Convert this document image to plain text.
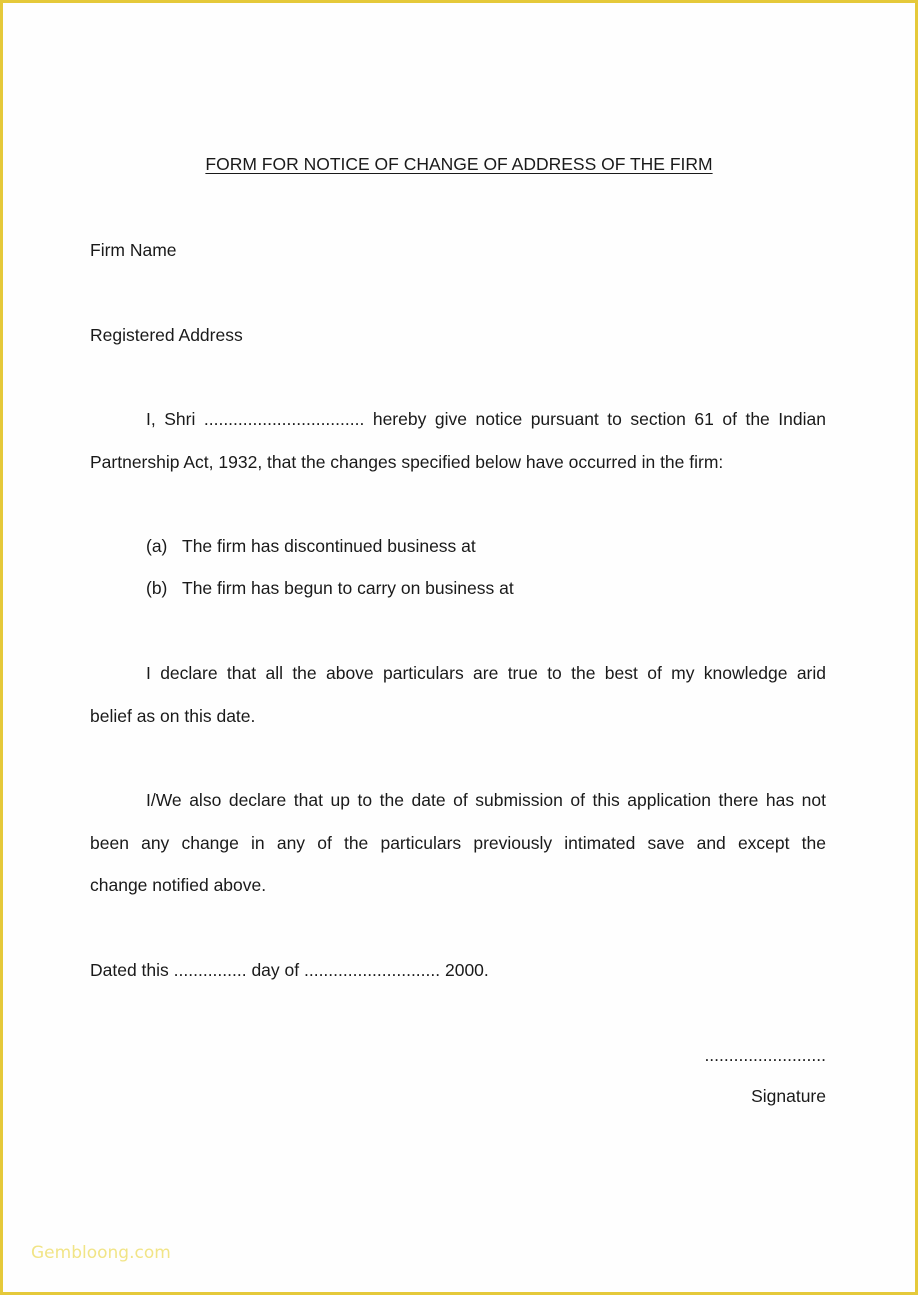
FORM FOR NOTICE OF CHANGE OF ADDRESS OF THE FIRM
Firm Name
Registered Address
I, Shri ................................. hereby give notice pursuant to section 61 of the Indian
Partnership Act, 1932, that the changes specified below have occurred in the firm:
(a) The firm has discontinued business at
(b) The firm has begun to carry on business at
I declare that all the above particulars are true to the best of my knowledge arid
belief as on this date.
I/We also declare that up to the date of submission of this application there has not
been any change in any of the particulars previously intimated save and except the
change notified above.
Dated this ............... day of ............................ 2000.
.........................
Signature
Gembloong.com
